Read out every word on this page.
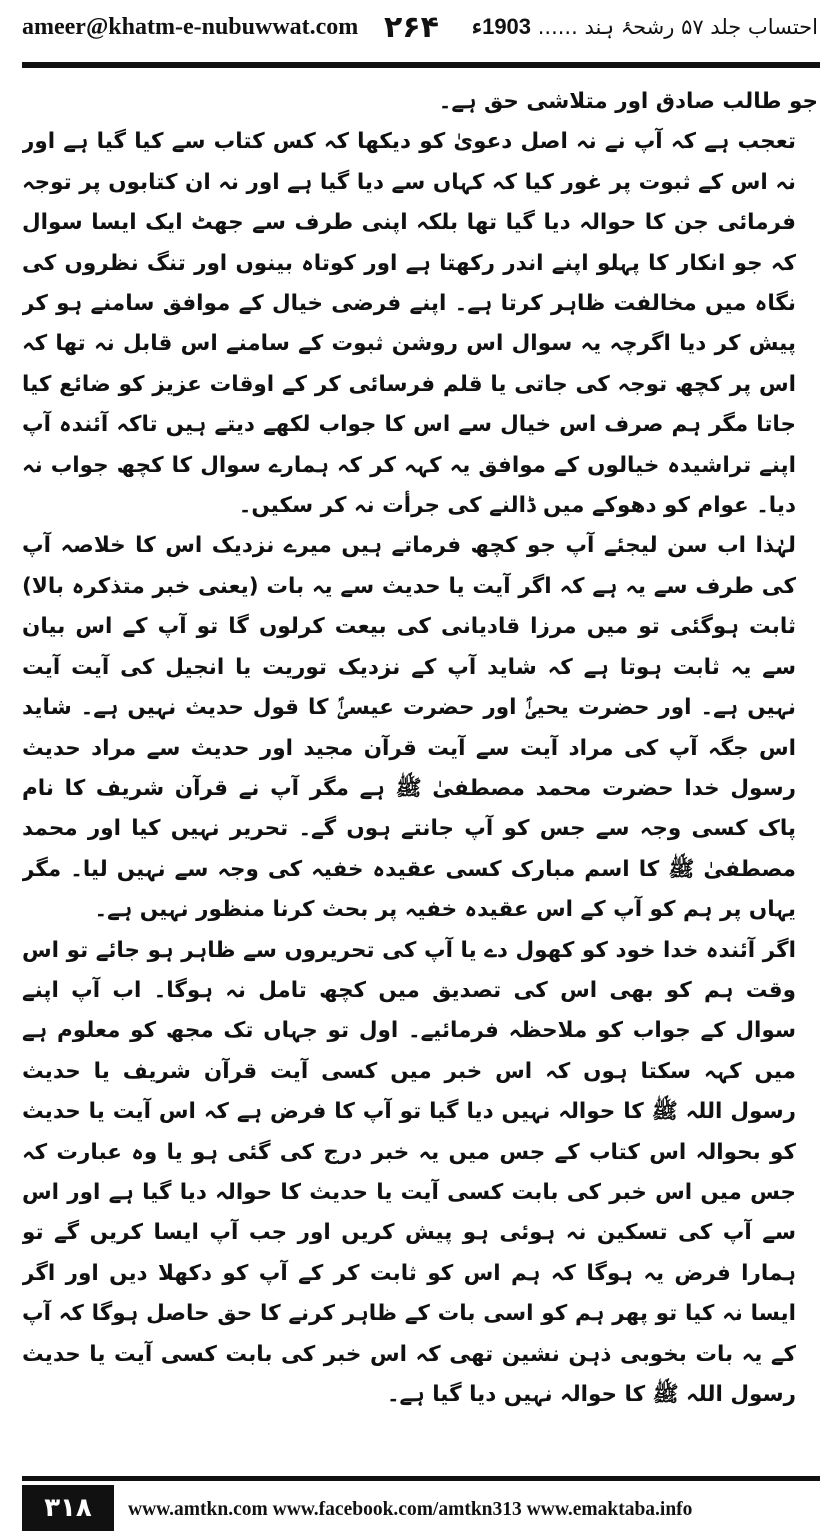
ameer@khatm-e-nubuwwat.com ۲۶۴	احتساب جلد ۵۷ رشحۂ ہند ...... 1903ء

جو طالب صادق اور متلاشی حق ہے۔

تعجب ہے کہ آپ نے نہ اصل دعویٰ کو دیکھا کہ کس کتاب سے کیا گیا ہے اور نہ اس کے ثبوت پر غور کیا کہ کہاں سے دیا گیا ہے اور نہ ان کتابوں پر توجہ فرمائی جن کا حوالہ دیا گیا تھا بلکہ اپنی طرف سے جھٹ ایک ایسا سوال کہ جو انکار کا پہلو اپنے اندر رکھتا ہے اور کوتاہ بینوں اور تنگ نظروں کی نگاہ میں مخالفت ظاہر کرتا ہے۔ اپنے فرضی خیال کے موافق سامنے ہو کر پیش کر دیا اگرچہ یہ سوال اس روشن ثبوت کے سامنے اس قابل نہ تھا کہ اس پر کچھ توجہ کی جاتی یا قلم فرسائی کر کے اوقات عزیز کو ضائع کیا جاتا مگر ہم صرف اس خیال سے اس کا جواب لکھے دیتے ہیں تاکہ آئندہ آپ اپنے تراشیدہ خیالوں کے موافق یہ کہہ کر کہ ہمارے سوال کا کچھ جواب نہ دیا۔ عوام کو دھوکے میں ڈالنے کی جرأت نہ کر سکیں۔

لہٰذا اب سن لیجئے آپ جو کچھ فرماتے ہیں میرے نزدیک اس کا خلاصہ آپ کی طرف سے یہ ہے کہ اگر آیت یا حدیث سے یہ بات (یعنی خبر متذکرہ بالا) ثابت ہوگئی تو میں مرزا قادیانی کی بیعت کرلوں گا تو آپ کے اس بیان سے یہ ثابت ہوتا ہے کہ شاید آپ کے نزدیک توریت یا انجیل کی آیت آیت نہیں ہے۔ اور حضرت یحییٰؑ اور حضرت عیسیٰؑ کا قول حدیث نہیں ہے۔ شاید اس جگہ آپ کی مراد آیت سے آیت قرآن مجید اور حدیث سے مراد حدیث رسول خدا حضرت محمد مصطفیٰ ﷺ ہے مگر آپ نے قرآن شریف کا نام پاک کسی وجہ سے جس کو آپ جانتے ہوں گے۔ تحریر نہیں کیا اور محمد مصطفیٰ ﷺ کا اسم مبارک کسی عقیدہ خفیہ کی وجہ سے نہیں لیا۔ مگر یہاں پر ہم کو آپ کے اس عقیدہ خفیہ پر بحث کرنا منظور نہیں ہے۔

اگر آئندہ خدا خود کو کھول دے یا آپ کی تحریروں سے ظاہر ہو جائے تو اس وقت ہم کو بھی اس کی تصدیق میں کچھ تامل نہ ہوگا۔ اب آپ اپنے سوال کے جواب کو ملاحظہ فرمائیے۔ اول تو جہاں تک مجھ کو معلوم ہے میں کہہ سکتا ہوں کہ اس خبر میں کسی آیت قرآن شریف یا حدیث رسول اللہ ﷺ کا حوالہ نہیں دیا گیا تو آپ کا فرض ہے کہ اس آیت یا حدیث کو بحوالہ اس کتاب کے جس میں یہ خبر درج کی گئی ہو یا وہ عبارت کہ جس میں اس خبر کی بابت کسی آیت یا حدیث کا حوالہ دیا گیا ہے اور اس سے آپ کی تسکین نہ ہوئی ہو پیش کریں اور جب آپ ایسا کریں گے تو ہمارا فرض یہ ہوگا کہ ہم اس کو ثابت کر کے آپ کو دکھلا دیں اور اگر ایسا نہ کیا تو پھر ہم کو اسی بات کے ظاہر کرنے کا حق حاصل ہوگا کہ آپ کے یہ بات بخوبی ذہن نشین تھی کہ اس خبر کی بابت کسی آیت یا حدیث رسول اللہ ﷺ کا حوالہ نہیں دیا گیا ہے۔

۳۱۸	www.amtkn.com www.facebook.com/amtkn313 www.emaktaba.info
